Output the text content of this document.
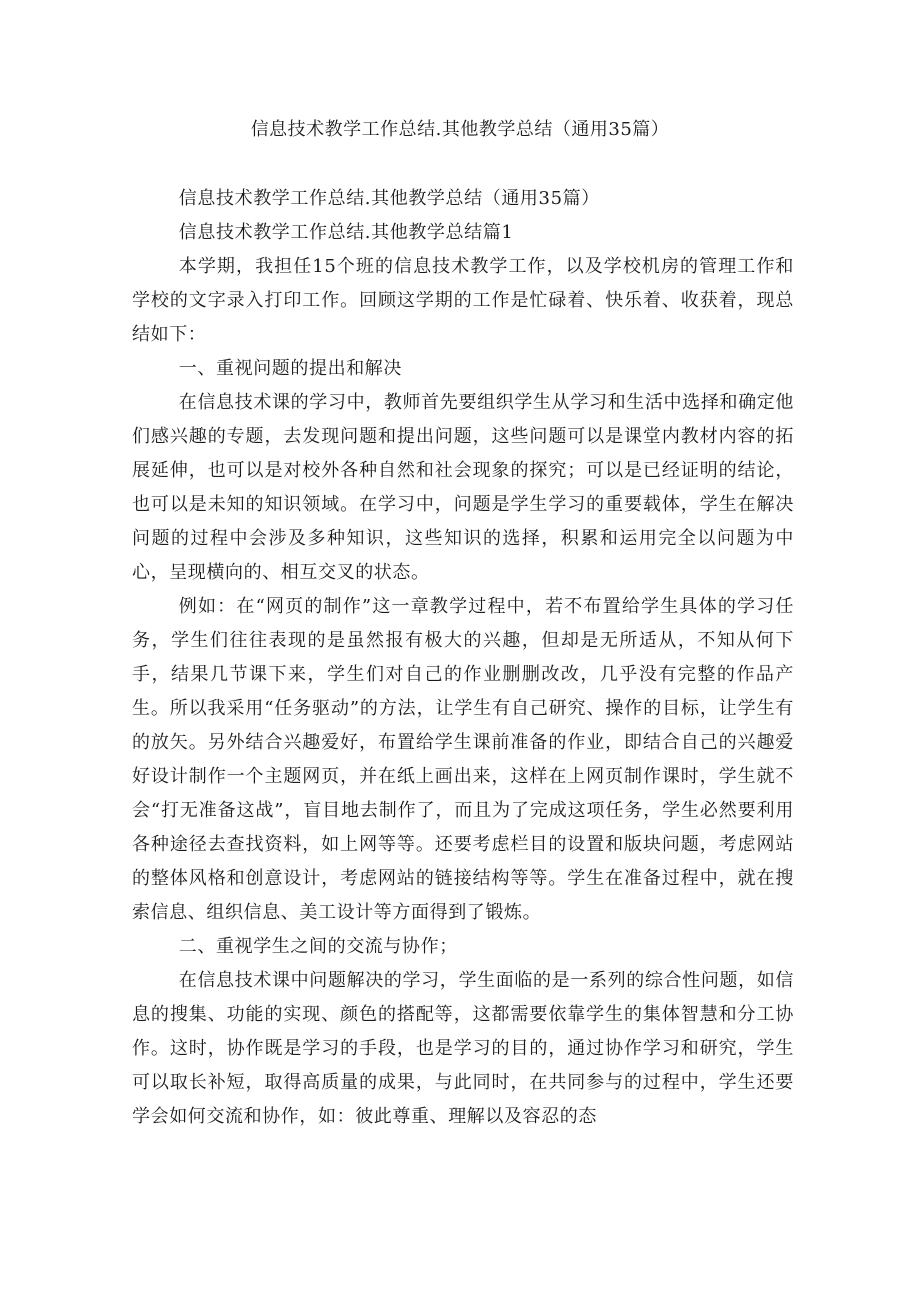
信息技术教学工作总结.其他教学总结（通用35篇）

信息技术教学工作总结.其他教学总结（通用35篇）

信息技术教学工作总结.其他教学总结篇1

本学期，我担任15个班的信息技术教学工作，以及学校机房的管理工作和学校的文字录入打印工作。回顾这学期的工作是忙碌着、快乐着、收获着，现总结如下：

一、重视问题的提出和解决

在信息技术课的学习中，教师首先要组织学生从学习和生活中选择和确定他们感兴趣的专题，去发现问题和提出问题，这些问题可以是课堂内教材内容的拓展延伸，也可以是对校外各种自然和社会现象的探究；可以是已经证明的结论，也可以是未知的知识领域。在学习中，问题是学生学习的重要载体，学生在解决问题的过程中会涉及多种知识，这些知识的选择，积累和运用完全以问题为中心，呈现横向的、相互交叉的状态。

例如：在“网页的制作”这一章教学过程中，若不布置给学生具体的学习任务，学生们往往表现的是虽然报有极大的兴趣，但却是无所适从，不知从何下手，结果几节课下来，学生们对自己的作业删删改改，几乎没有完整的作品产生。所以我采用“任务驱动”的方法，让学生有自己研究、操作的目标，让学生有的放矢。另外结合兴趣爱好，布置给学生课前准备的作业，即结合自己的兴趣爱好设计制作一个主题网页，并在纸上画出来，这样在上网页制作课时，学生就不会“打无准备这战”，盲目地去制作了，而且为了完成这项任务，学生必然要利用各种途径去查找资料，如上网等等。还要考虑栏目的设置和版块问题，考虑网站的整体风格和创意设计，考虑网站的链接结构等等。学生在准备过程中，就在搜索信息、组织信息、美工设计等方面得到了锻炼。

二、重视学生之间的交流与协作；

在信息技术课中问题解决的学习，学生面临的是一系列的综合性问题，如信息的搜集、功能的实现、颜色的搭配等，这都需要依靠学生的集体智慧和分工协作。这时，协作既是学习的手段，也是学习的目的，通过协作学习和研究，学生可以取长补短，取得高质量的成果，与此同时，在共同参与的过程中，学生还要学会如何交流和协作，如：彼此尊重、理解以及容忍的态
